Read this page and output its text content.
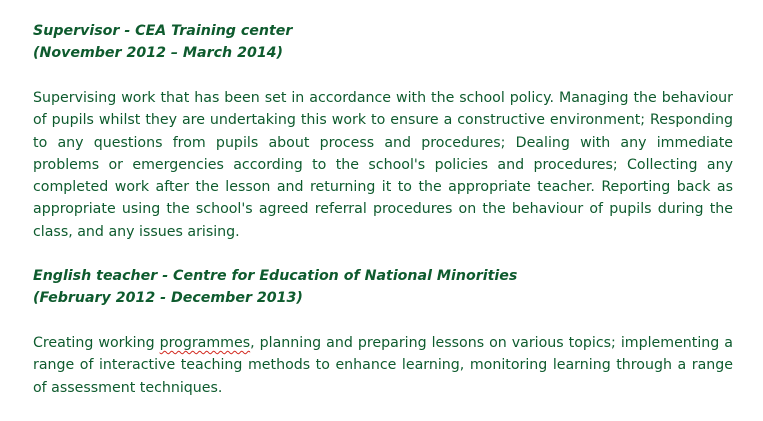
Supervisor - CEA Training center
(November 2012 – March 2014)
Supervising work that has been set in accordance with the school policy. Managing the behaviour of pupils whilst they are undertaking this work to ensure a constructive environment; Responding to any questions from pupils about process and procedures; Dealing with any immediate problems or emergencies according to the school's policies and procedures; Collecting any completed work after the lesson and returning it to the appropriate teacher. Reporting back as appropriate using the school's agreed referral procedures on the behaviour of pupils during the class, and any issues arising.
English teacher - Centre for Education of National Minorities
(February 2012 - December 2013)
Creating working programmes, planning and preparing lessons on various topics; implementing a range of interactive teaching methods to enhance learning, monitoring learning through a range of assessment techniques.
